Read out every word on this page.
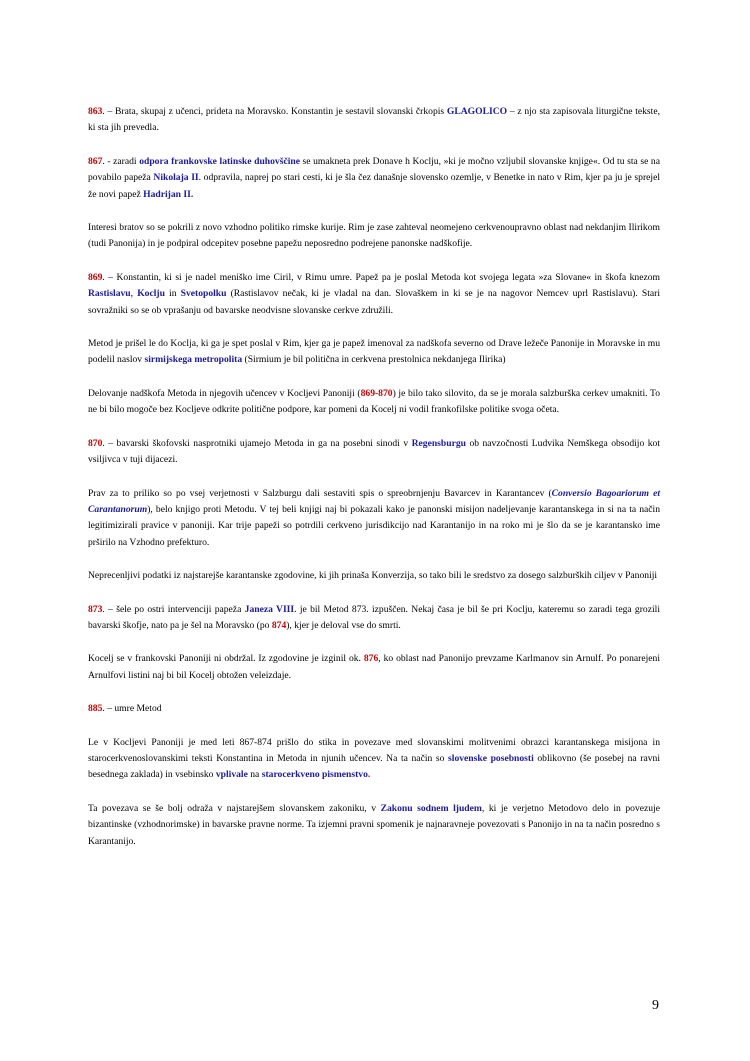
863. – Brata, skupaj z učenci, prideta na Moravsko. Konstantin je sestavil slovanski črkopis GLAGOLICO – z njo sta zapisovala liturgične tekste, ki sta jih prevedla.

867. - zaradi odpora frankovske latinske duhovščine se umakneta prek Donave h Koclju, »ki je močno vzljubil slovanske knjige«. Od tu sta se na povabilo papeža Nikolaja II. odpravila, naprej po stari cesti, ki je šla čez današnje slovensko ozemlje, v Benetke in nato v Rim, kjer pa ju je sprejel že novi papež Hadrijan II.

Interesi bratov so se pokrili z novo vzhodno politiko rimske kurije. Rim je zase zahteval neomejeno cerkvenoupravno oblast nad nekdanjim Ilirikom (tudi Panonija) in je podpiral odcepitev posebne papežu neposredno podrejene panonske nadškofije.

869. – Konstantin, ki si je nadel meniško ime Ciril, v Rimu umre. Papež pa je poslal Metoda kot svojega legata »za Slovane« in škofa knezom Rastislavu, Koclju in Svetopolku (Rastislavov nečak, ki je vladal na dan. Slovaškem in ki se je na nagovor Nemcev uprl Rastislavu). Stari sovražniki so se ob vprašanju od bavarske neodvisne slovanske cerkve združili.

Metod je prišel le do Koclja, ki ga je spet poslal v Rim, kjer ga je papež imenoval za nadškofa severno od Drave ležeče Panonije in Moravske in mu podelil naslov sirmijskega metropolita (Sirmium je bil politična in cerkvena prestolnica nekdanjega Ilirika)

Delovanje nadškofa Metoda in njegovih učencev v Kocljevi Panoniji (869-870) je bilo tako silovito, da se je morala salzburška cerkev umakniti. To ne bi bilo mogoče bez Kocljeve odkrite politične podpore, kar pomeni da Kocelj ni vodil frankofilske politike svoga očeta.

870. – bavarski škofovski nasprotniki ujamejo Metoda in ga na posebni sinodi v Regensburgu ob navzočnosti Ludvika Nemškega obsodijo kot vsiljivca v tuji dijacezi.

Prav za to priliko so po vsej verjetnosti v Salzburgu dali sestaviti spis o spreobrnjenju Bavarcev in Karantancev (Conversio Bagoariorum et Carantanorum), belo knjigo proti Metodu. V tej beli knjigi naj bi pokazali kako je panonski misijon nadeljevanje karantanskega in si na ta način legitimizirali pravice v panoniji. Kar trije papeži so potrdili cerkveno jurisdikcijo nad Karantanijo in na roko mi je šlo da se je karantansko ime prširilo na Vzhodno prefekturo.

Neprecenljivi podatki iz najstarejše karantanske zgodovine, ki jih prinaša Konverzija, so tako bili le sredstvo za dosego salzburških ciljev v Panoniji

873. – šele po ostri intervenciji papeža Janeza VIII. je bil Metod 873. izpuščen. Nekaj časa je bil še pri Koclju, kateremu so zaradi tega grozili bavarski škofje, nato pa je šel na Moravsko (po 874), kjer je deloval vse do smrti.

Kocelj se v frankovski Panoniji ni obdržal. Iz zgodovine je izginil ok. 876, ko oblast nad Panonijo prevzame Karlmanov sin Arnulf. Po ponarejeni Arnulfovi listini naj bi bil Kocelj obtožen veleizdaje.

885. – umre Metod

Le v Kocljevi Panoniji je med leti 867-874 prišlo do stika in povezave med slovanskimi molitvenimi obrazci karantanskega misijona in starocerkvenoslovanskimi teksti Konstantina in Metoda in njunih učencev. Na ta način so slovenske posebnosti oblikovno (še posebej na ravni besednega zaklada) in vsebinsko vplivale na starocerkveno pismenstvo.

Ta povezava se še bolj odraža v najstarejšem slovanskem zakoniku, v Zakonu sodnem ljudem, ki je verjetno Metodovo delo in povezuje bizantinske (vzhodnorimske) in bavarske pravne norme. Ta izjemni pravni spomenik je najnaravneje povezovati s Panonijo in na ta način posredno s Karantanijo.

9
